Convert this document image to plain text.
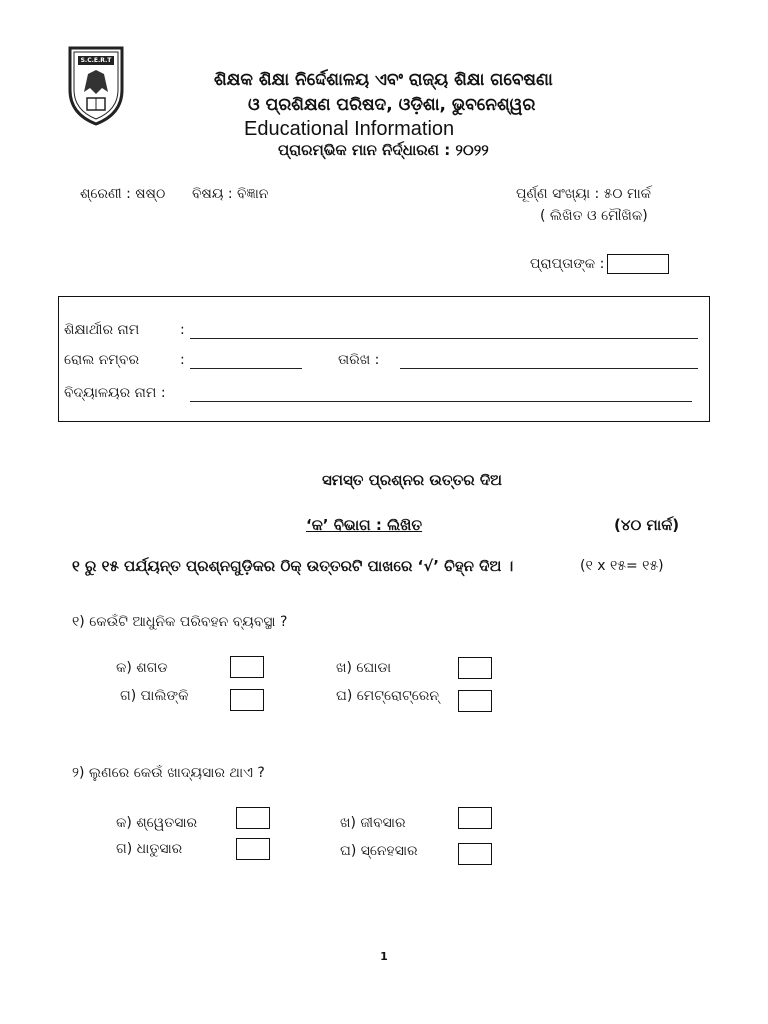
S.C.E.R.T
ଶିକ୍ଷକ ଶିକ୍ଷା ନିର୍ଦ୍ଦେଶାଳୟ ଏବଂ ରାଜ୍ୟ ଶିକ୍ଷା ଗବେଷଣା
ଓ ପ୍ରଶିକ୍ଷଣ ପରିଷଦ, ଓଡ଼ିଶା, ଭୁବନେଶ୍ୱର
Educational Information
ପ୍ରାରମ୍ଭିକ ମାନ ନିର୍ଦ୍ଧାରଣ : ୨୦୨୨
ଶ୍ରେଣୀ : ଷଷ୍ଠ ବିଷୟ : ବିଜ୍ଞାନ	ପୂର୍ଣ୍ଣ ସଂଖ୍ୟା : ୫୦ ମାର୍କ
( ଲିଖିତ ଓ ମୌଖିକ)
ପ୍ରାପ୍ତାଙ୍କ :
ଶିକ୍ଷାର୍ଥୀର ନାମ	:
ରୋଲ ନମ୍ବର	:	ତାରିଖ :
ବିଦ୍ୟାଳୟର ନାମ :
ସମସ୍ତ ପ୍ରଶ୍ନର ଉତ୍ତର ଦିଅ
‘କ’ ବିଭାଗ : ଲିଖିତ	(୪୦ ମାର୍କ)
୧ ରୁ ୧୫ ପର୍ଯ୍ୟନ୍ତ ପ୍ରଶ୍ନଗୁଡ଼ିକର ଠିକ୍ ଉତ୍ତରଟି ପାଖରେ ‘√’ ଚିହ୍ନ ଦିଅ ।	(୧ x ୧୫= ୧୫)
୧) କେଉଁଟି ଆଧୁନିକ ପରିବହନ ବ୍ୟବସ୍ଥା ?
କ) ଶଗଡ	ଖ) ଘୋଡା
ଗ) ପାଲିଙ୍କି	ଘ) ମେଟ୍ରୋଟ୍ରେନ୍
୨) ଲୁଣରେ କେଉଁ ଖାଦ୍ୟସାର ଥାଏ ?
କ) ଶ୍ୱେତସାର	ଖ) ଜୀବସାର
ଗ) ଧାତୁସାର	ଘ) ସ୍ନେହସାର
1
